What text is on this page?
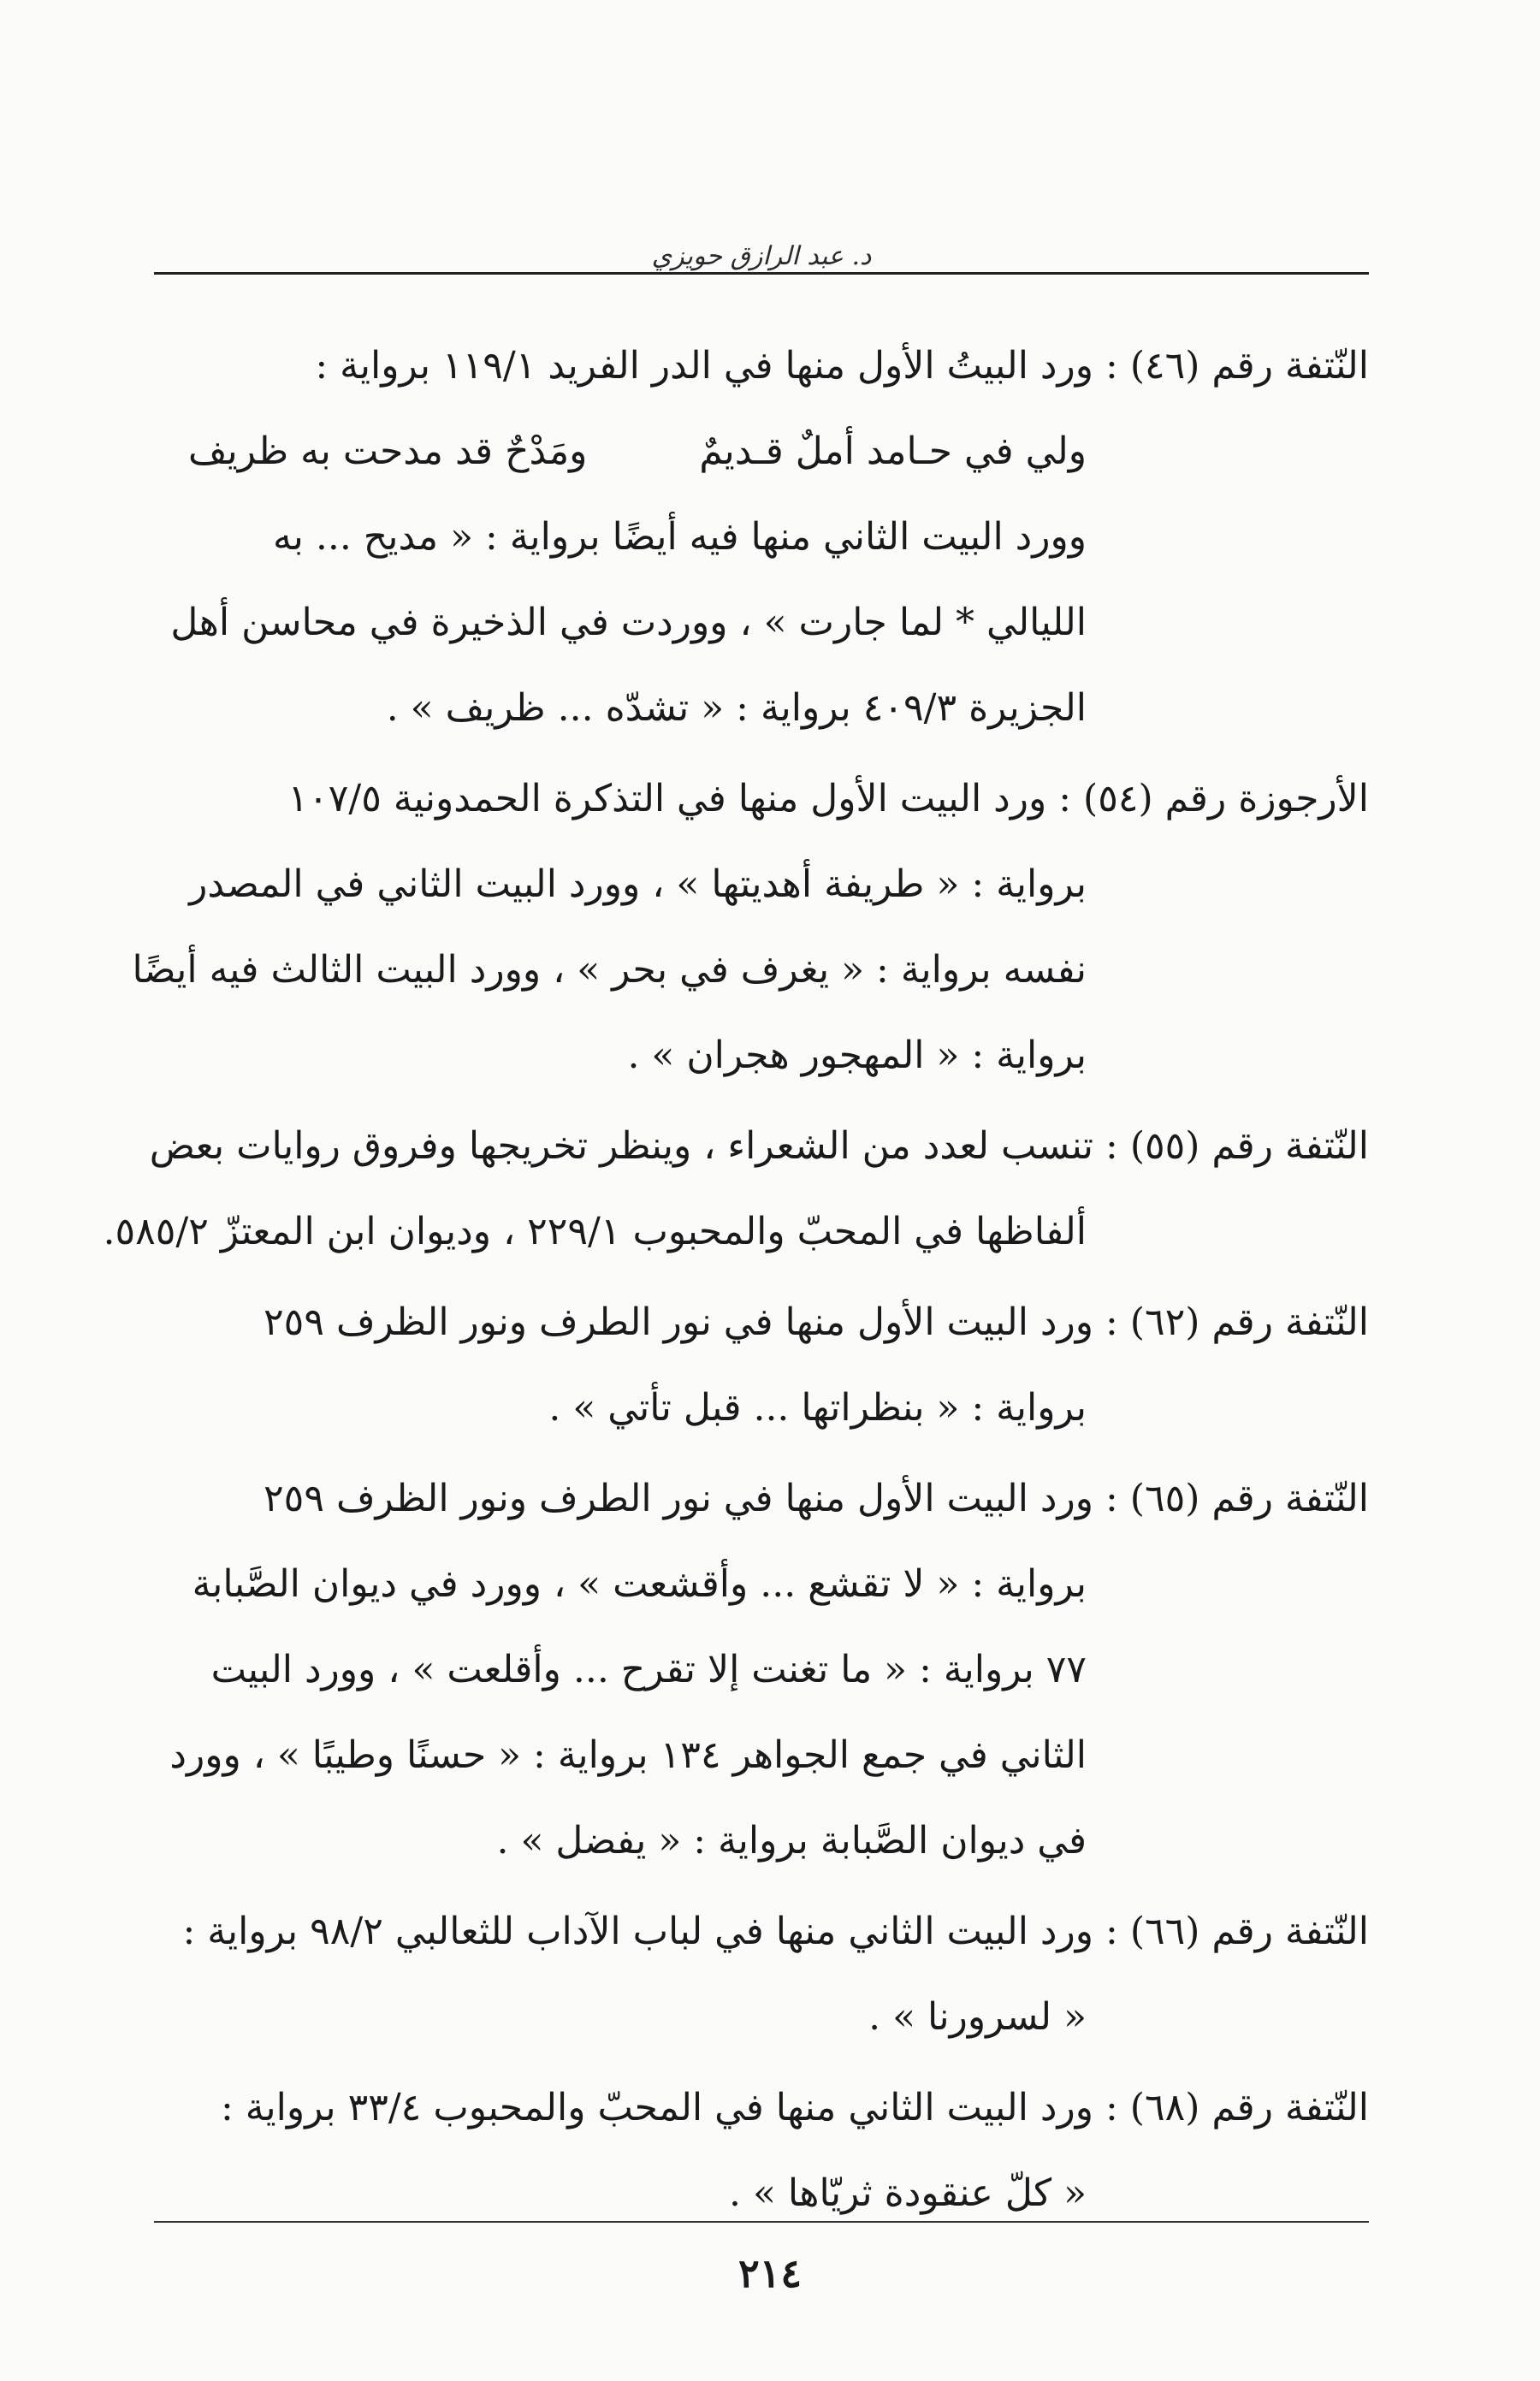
د. عبد الرازق حويزي
النّتفة رقم (٤٦) : ورد البيتُ الأول منها في الدر الفريد ١١٩/١ برواية :
ولي في حـامد أملٌ قـديمٌ
ومَدْحٌ قد مدحت به ظريف
وورد البيت الثاني منها فيه أيضًا برواية : « مديح ... به
الليالي * لما جارت » ، ووردت في الذخيرة في محاسن أهل
الجزيرة ٤٠٩/٣ برواية : « تشدّه ... ظريف » .
الأرجوزة رقم (٥٤) : ورد البيت الأول منها في التذكرة الحمدونية ١٠٧/٥
برواية : « طريفة أهديتها » ، وورد البيت الثاني في المصدر
نفسه برواية : « يغرف في بحر » ، وورد البيت الثالث فيه أيضًا
برواية : « المهجور هجران » .
النّتفة رقم (٥٥) : تنسب لعدد من الشعراء ، وينظر تخريجها وفروق روايات بعض
ألفاظها في المحبّ والمحبوب ٢٢٩/١ ، وديوان ابن المعتزّ ٥٨٥/٢.
النّتفة رقم (٦٢) : ورد البيت الأول منها في نور الطرف ونور الظرف ٢٥٩
برواية : « بنظراتها ... قبل تأتي » .
النّتفة رقم (٦٥) : ورد البيت الأول منها في نور الطرف ونور الظرف ٢٥٩
برواية : « لا تقشع ... وأقشعت » ، وورد في ديوان الصَّبابة
٧٧ برواية : « ما تغنت إلا تقرح ... وأقلعت » ، وورد البيت
الثاني في جمع الجواهر ١٣٤ برواية : « حسنًا وطيبًا » ، وورد
في ديوان الصَّبابة برواية : « يفضل » .
النّتفة رقم (٦٦) : ورد البيت الثاني منها في لباب الآداب للثعالبي ٩٨/٢ برواية :
« لسرورنا » .
النّتفة رقم (٦٨) : ورد البيت الثاني منها في المحبّ والمحبوب ٣٣/٤ برواية :
« كلّ عنقودة ثريّاها » .
٢١٤
